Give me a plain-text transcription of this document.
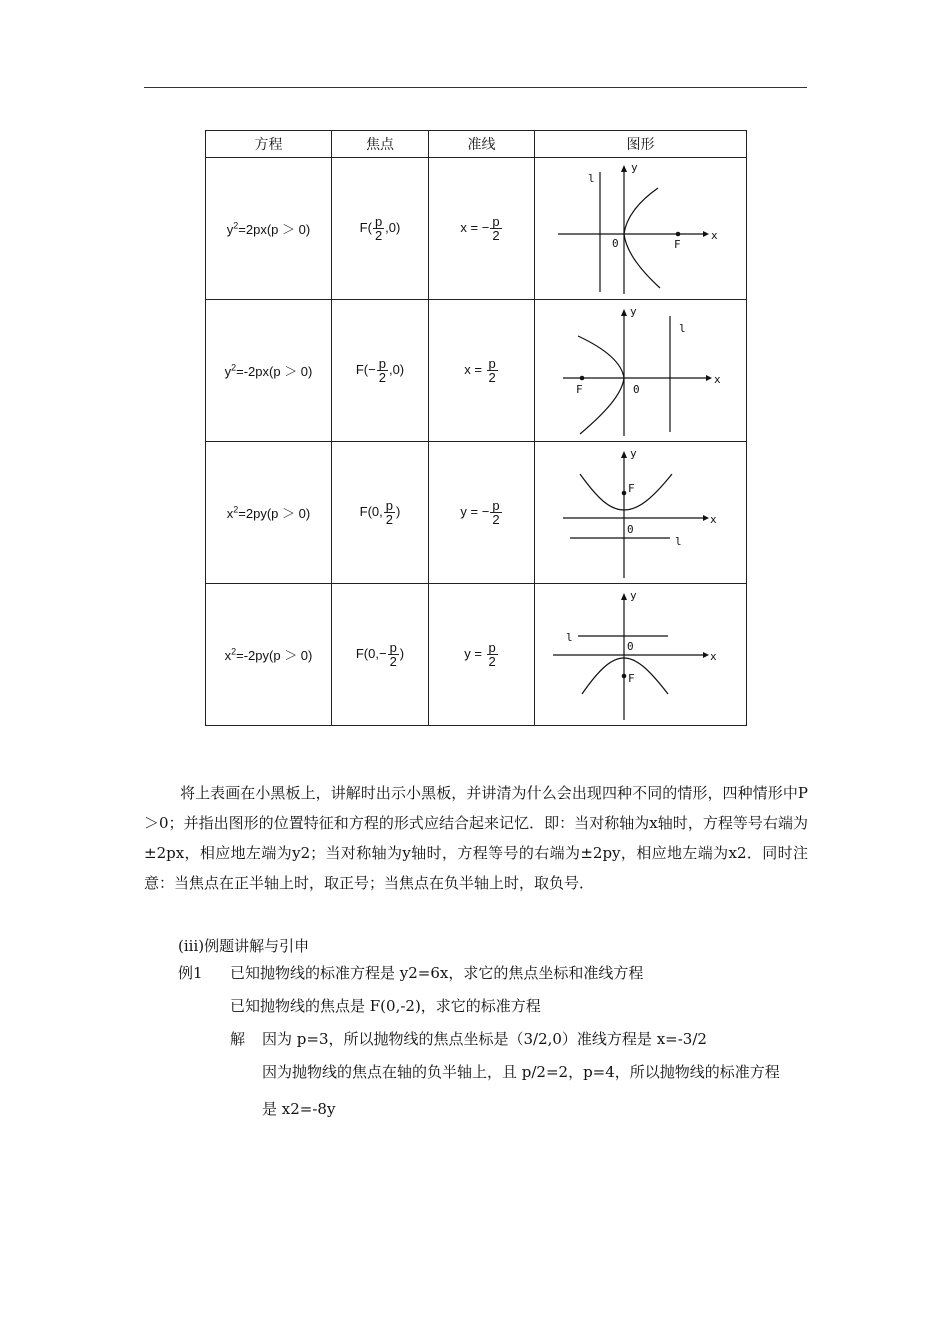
方程	焦点	准线	图形
$y^2=2px(p > 0)$	$F( \frac{p}{2} ,0)$	x = − $\frac{p}{2}$	x
y
0 F
l

$y^2=-2px(p > 0)$	$F(- \frac{p}{2} ,0)$	$x = \frac{p}{2}$	x
y
0
F
l

$x^2=2py(p > 0)$	F(0, $\frac{p}{2}$ )	y = − $\frac{p}{2}$	x
y
0
F
l

$x^2=-2py(p > 0)$	$F(0,- \frac{p}{2}$ )	$y = \frac{p}{2}$	x
y
0
F
l

将上表画在小黑板上，讲解时出示小黑板，并讲清为什么会出现四种不同的情形，四种情形中P＞0；并指出图形的位置特征和方程的形式应结合起来记忆．即：当对称轴为x轴时，方程等号右端为±2px，相应地左端为y2；当对称轴为y轴时，方程等号的右端为±2py，相应地左端为x2．同时注意：当焦点在正半轴上时，取正号；当焦点在负半轴上时，取负号．

(iii)例题讲解与引申
例1 已知抛物线的标准方程是 y2=6x，求它的焦点坐标和准线方程
已知抛物线的焦点是 F(0,-2)，求它的标准方程
解 因为 p=3，所以抛物线的焦点坐标是（3/2,0）准线方程是 x=-3/2
因为抛物线的焦点在轴的负半轴上，且 p/2=2，p=4，所以抛物线的标准方程
是 x2=-8y
